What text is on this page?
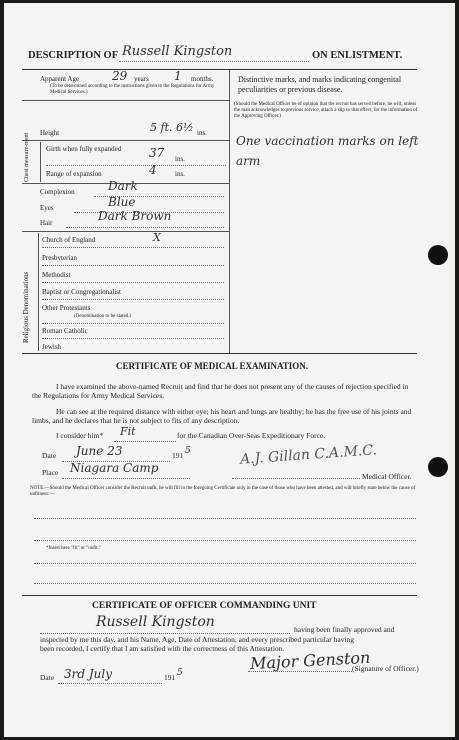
DESCRIPTION OF Russell Kingston	ON ENLISTMENT.
Apparent Age	29 years 1 months.
(To be determined according to the instructions given in the Regulations for Army Medical Services.)
Height	5 ft. 6½ ins.
Chest measure-ment Girth when fully expanded 37 ins.
Range of expansion	4	ins.
Complexion	Dark
Eyes	Blue
Hair	Dark Brown
Religious Denominations
Church of England	X
Presbyterian
Methodist
Baptist or Congregationalist
Other Protestants
(Denomination to be stated.)
Roman Catholic
Jewish
Distinctive marks, and marks indicating congenital peculiarities or previous disease.
(Should the Medical Officer be of opinion that the recruit has served before, he will, unless the man acknowledges to previous service, attach a slip to that effect, for the information of the Approving Officer.)
One vaccination marks on left arm
CERTIFICATE OF MEDICAL EXAMINATION.
I have examined the above-named Recruit and find that he does not present any of the causes of rejection specified in the Regulations for Army Medical Services.
He can see at the required distance with either eye; his heart and lungs are healthy; he has the free use of his joints and limbs, and he declares that he is not subject to fits of any description.
I consider him* Fit	for the Canadian Over-Seas Expeditionary Force.
Date June 23	191 5
Place Niagara Camp
A.J. Gillan C.A.M.C.
Medical Officer.
NOTE.—Should the Medical Officer consider the Recruit unfit, he will fill in the foregoing Certificate only in the case of those who have been attested, and will briefly state below the cause of unfitness:—
*Insert here "fit" or "unfit."
CERTIFICATE OF OFFICER COMMANDING UNIT
Russell Kingston	having been finally approved and
inspected by me this day, and his Name, Age, Date of Attestation, and every prescribed particular having
been recorded, I certify that I am satisfied with the correctness of this Attestation.
Major Genston
(Signature of Officer.)
Date 3rd July	191 5
